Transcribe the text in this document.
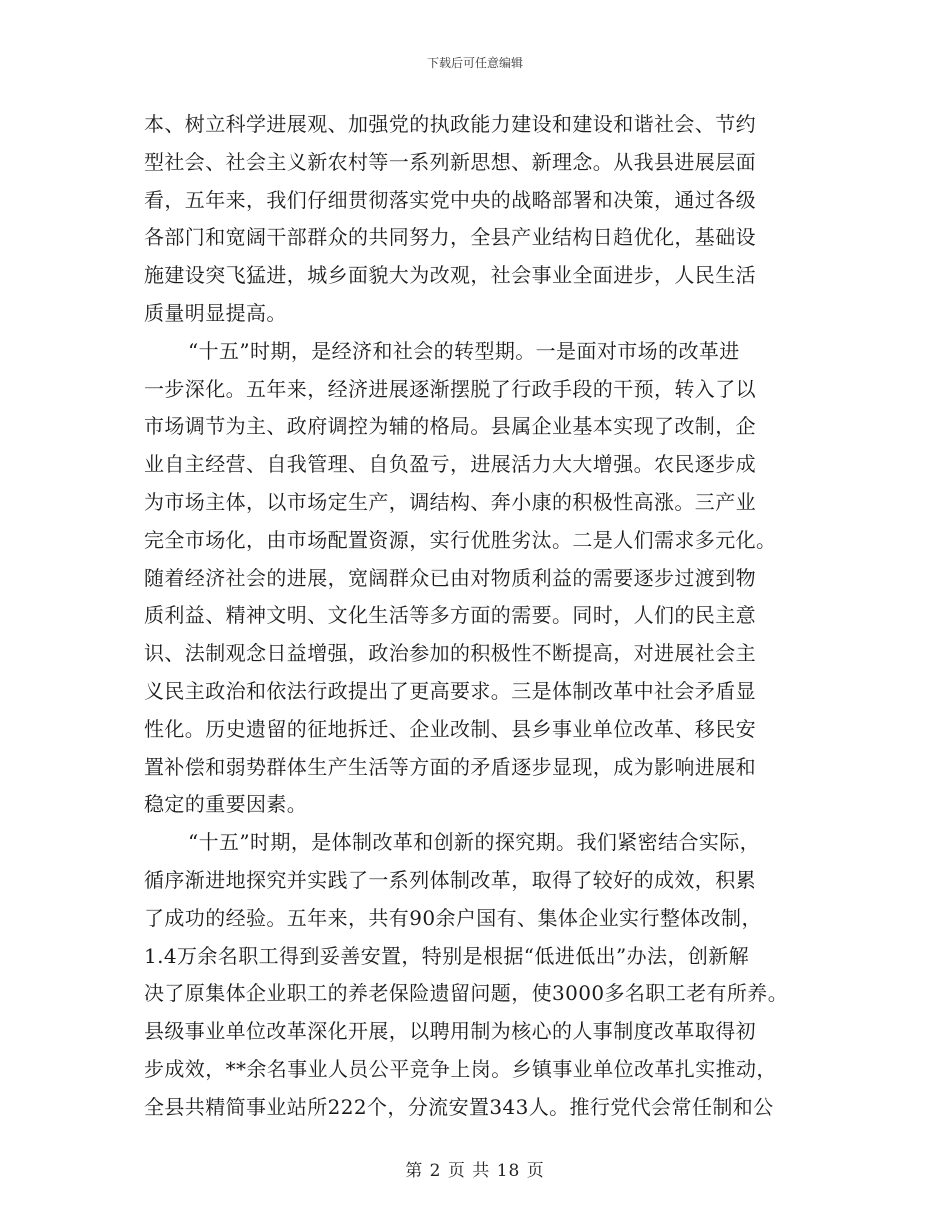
下载后可任意编辑
本、树立科学进展观、加强党的执政能力建设和建设和谐社会、节约
型社会、社会主义新农村等一系列新思想、新理念。从我县进展层面
看，五年来，我们仔细贯彻落实党中央的战略部署和决策，通过各级
各部门和宽阔干部群众的共同努力，全县产业结构日趋优化，基础设
施建设突飞猛进，城乡面貌大为改观，社会事业全面进步，人民生活
质量明显提高。
“十五”时期，是经济和社会的转型期。一是面对市场的改革进
一步深化。五年来，经济进展逐渐摆脱了行政手段的干预，转入了以
市场调节为主、政府调控为辅的格局。县属企业基本实现了改制，企
业自主经营、自我管理、自负盈亏，进展活力大大增强。农民逐步成
为市场主体，以市场定生产，调结构、奔小康的积极性高涨。三产业
完全市场化，由市场配置资源，实行优胜劣汰。二是人们需求多元化。
随着经济社会的进展，宽阔群众已由对物质利益的需要逐步过渡到物
质利益、精神文明、文化生活等多方面的需要。同时，人们的民主意
识、法制观念日益增强，政治参加的积极性不断提高，对进展社会主
义民主政治和依法行政提出了更高要求。三是体制改革中社会矛盾显
性化。历史遗留的征地拆迁、企业改制、县乡事业单位改革、移民安
置补偿和弱势群体生产生活等方面的矛盾逐步显现，成为影响进展和
稳定的重要因素。
“十五”时期，是体制改革和创新的探究期。我们紧密结合实际，
循序渐进地探究并实践了一系列体制改革，取得了较好的成效，积累
了成功的经验。五年来，共有90余户国有、集体企业实行整体改制，
1.4万余名职工得到妥善安置，特别是根据“低进低出”办法，创新解
决了原集体企业职工的养老保险遗留问题，使3000多名职工老有所养。
县级事业单位改革深化开展，以聘用制为核心的人事制度改革取得初
步成效，**余名事业人员公平竞争上岗。乡镇事业单位改革扎实推动，
全县共精简事业站所222个，分流安置343人。推行党代会常任制和公
第 2 页 共 18 页
